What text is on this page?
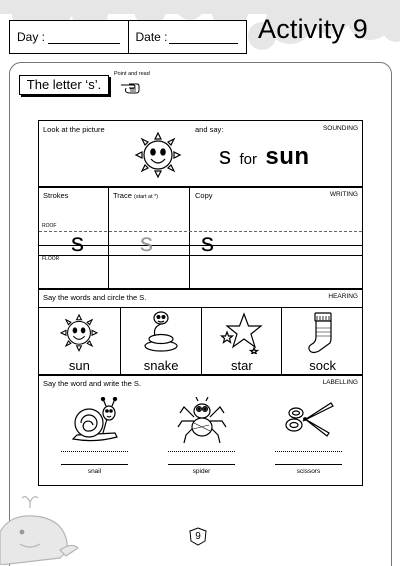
Day :	Date :	Activity 9
The letter ‘s’.
Point and read
Look at the picture	and say:	SOUNDING
s for sun
Strokes	Trace (start at *)	Copy	WRITING
ROOF
FLOOR
s s s
Say the words and circle the S.	HEARING
sun	snake	star	sock
Say the word and write the S.	LABELLING
snail	spider	scissors
9
